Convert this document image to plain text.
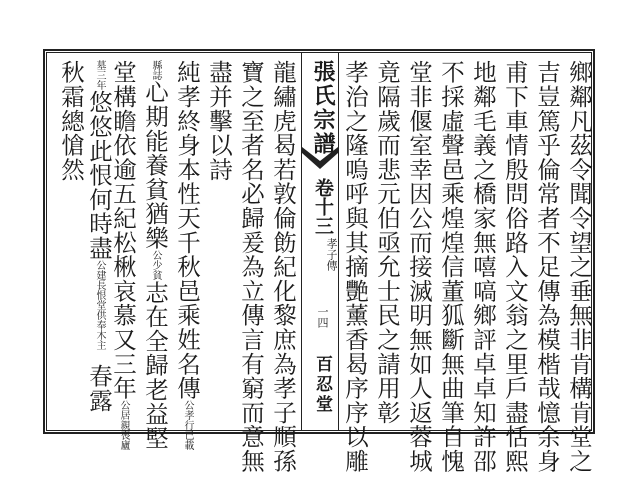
鄉鄰凡茲令聞令望之垂無非肯構肯堂之
吉豈篤乎倫常者不足傳為模楷哉憶余身
甫下車情殷問俗路入文翁之里戶盡恬熙
地鄰毛義之橋家無嘻嗃鄉評卓卓知許邵
不採虛聲邑乘煌煌信董狐斷無曲筆自愧
堂非偃室幸因公而接滅明無如人返蓉城
竟隔歲而悲元伯亟允士民之請用彰
孝治之隆嗚呼與其摘艷薰香曷序序以雕
張氏宗譜
卷十三
孝子傳
一四
百忍堂
龍繡虎曷若敦倫飭紀化黎庶為孝子順孫
寶之至者名必歸爰為立傳言有窮而意無
盡并擊以詩
純孝終身本性天千秋邑乘姓名傳公孝行已載
縣誌心期能養貧猶樂公少貧志在全歸老益堅
堂構瞻依逾五紀松楸哀慕又三年公居親喪廬
墓三年悠悠此恨何時盡公建長恨堂供奉木主春露
秋霜總愴然
